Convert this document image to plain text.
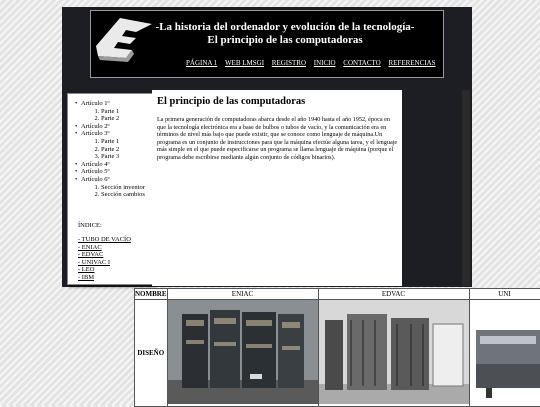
-La historia del ordenador y evolución de la tecnología-
El principio de las computadoras
PÁGINA 1 WEB LMSGI REGISTRO INICIO CONTACTO REFERENCIAS
• Artículo 1º
1. Parte 1
2. Parte 2
• Artículo 2º
• Artículo 3º
1. Parte 1
2. Parte 2
3. Parte 3
• Artículo 4º
• Artículo 5º
• Artículo 6º
1. Sección inventor
2. Sección cambios
ÍNDICE:
- TUBO DE VACÍO
- ENIAC
- EDVAC
- UNIVAC I
- LEO
- IBM
El principio de las computadoras

La primera generación de computadoras abarca desde el año 1940 hasta el año 1952, época en que la tecnología electrónica era a base de bulbos o tubos de vacío, y la comunicación era en términos de nivel más bajo que puede existir, que se conoce como lenguaje de máquina.Un programa es un conjunto de instrucciones para que la máquina efectúe alguna tarea, y el lenguaje más simple en el que puede especificarse un programa se llama lenguaje de máquina (porque el programa debe escribirse mediante algún conjunto de códigos binarios).

NOMBRE	ENIAC	EDVAC	UNI
DISEÑO			
